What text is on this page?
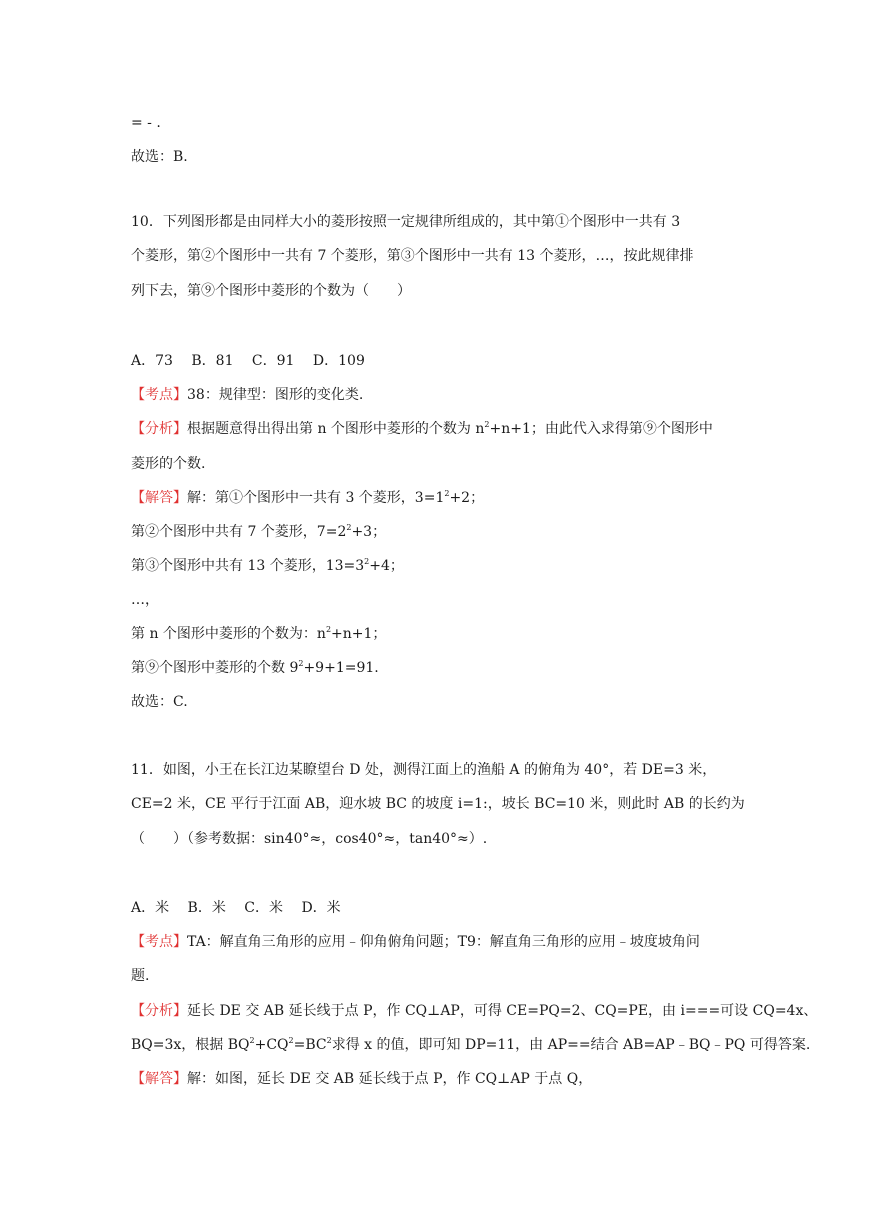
= - .
故选：B.
10．下列图形都是由同样大小的菱形按照一定规律所组成的，其中第①个图形中一共有 3
个菱形，第②个图形中一共有 7 个菱形，第③个图形中一共有 13 个菱形，…，按此规律排
列下去，第⑨个图形中菱形的个数为（　　）
A．73　 B．81　 C．91　 D．109
【考点】38：规律型：图形的变化类.
【分析】根据题意得出得出第 n 个图形中菱形的个数为 $n^2+n+1$；由此代入求得第⑨个图形中
菱形的个数.
【解答】解：第①个图形中一共有 3 个菱形，$3=1^2+2$；
第②个图形中共有 7 个菱形，$7=2^2+3$；
第③个图形中共有 13 个菱形，$13=3^2+4$；
…，
第 n 个图形中菱形的个数为：$n^2+n+1$；
第⑨个图形中菱形的个数 $9^2+9+1=91$.
故选：C.
11．如图，小王在长江边某瞭望台 D 处，测得江面上的渔船 A 的俯角为 40°，若 DE=3 米，
CE=2 米，CE 平行于江面 AB，迎水坡 BC 的坡度 i=1:，坡长 BC=10 米，则此时 AB 的长约为
（　　）（参考数据：sin40°≈，cos40°≈，tan40°≈）.
A．米　 B．米　 C．米　 D．米
【考点】TA：解直角三角形的应用﹣仰角俯角问题；T9：解直角三角形的应用﹣坡度坡角问
题.
【分析】延长 DE 交 AB 延长线于点 P，作 CQ⊥AP，可得 CE=PQ=2、CQ=PE，由 i===可设 CQ=4x、
BQ=3x，根据 $BQ^2+CQ^2=BC^2$求得 x 的值，即可知 DP=11，由 AP==结合 AB=AP﹣BQ﹣PQ 可得答案.
【解答】解：如图，延长 DE 交 AB 延长线于点 P，作 CQ⊥AP 于点 Q，
